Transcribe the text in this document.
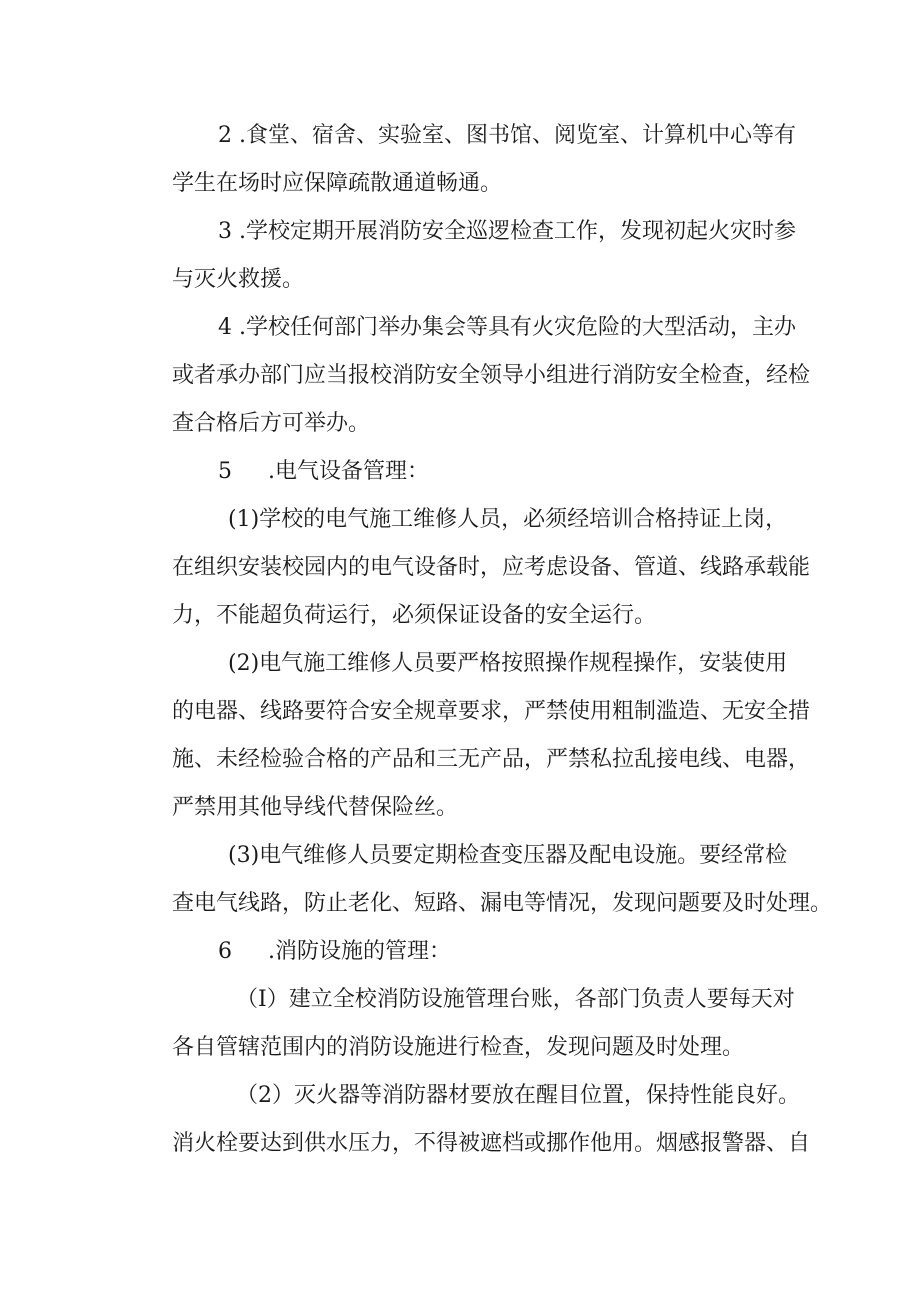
2 .食堂、宿舍、实验室、图书馆、阅览室、计算机中心等有
学生在场时应保障疏散通道畅通。
3 .学校定期开展消防安全巡逻检查工作，发现初起火灾时参
与灭火救援。
4 .学校任何部门举办集会等具有火灾危险的大型活动，主办
或者承办部门应当报校消防安全领导小组进行消防安全检查，经检
查合格后方可举办。
5 　 .电气设备管理：
(1)学校的电气施工维修人员，必须经培训合格持证上岗，
在组织安装校园内的电气设备时，应考虑设备、管道、线路承载能
力，不能超负荷运行，必须保证设备的安全运行。
(2)电气施工维修人员要严格按照操作规程操作，安装使用
的电器、线路要符合安全规章要求，严禁使用粗制滥造、无安全措
施、未经检验合格的产品和三无产品，严禁私拉乱接电线、电器，
严禁用其他导线代替保险丝。
(3)电气维修人员要定期检查变压器及配电设施。要经常检
查电气线路，防止老化、短路、漏电等情况，发现问题要及时处理。
6 　 .消防设施的管理：
（I）建立全校消防设施管理台账，各部门负责人要每天对
各自管辖范围内的消防设施进行检查，发现问题及时处理。
（2）灭火器等消防器材要放在醒目位置，保持性能良好。
消火栓要达到供水压力，不得被遮档或挪作他用。烟感报警器、自
